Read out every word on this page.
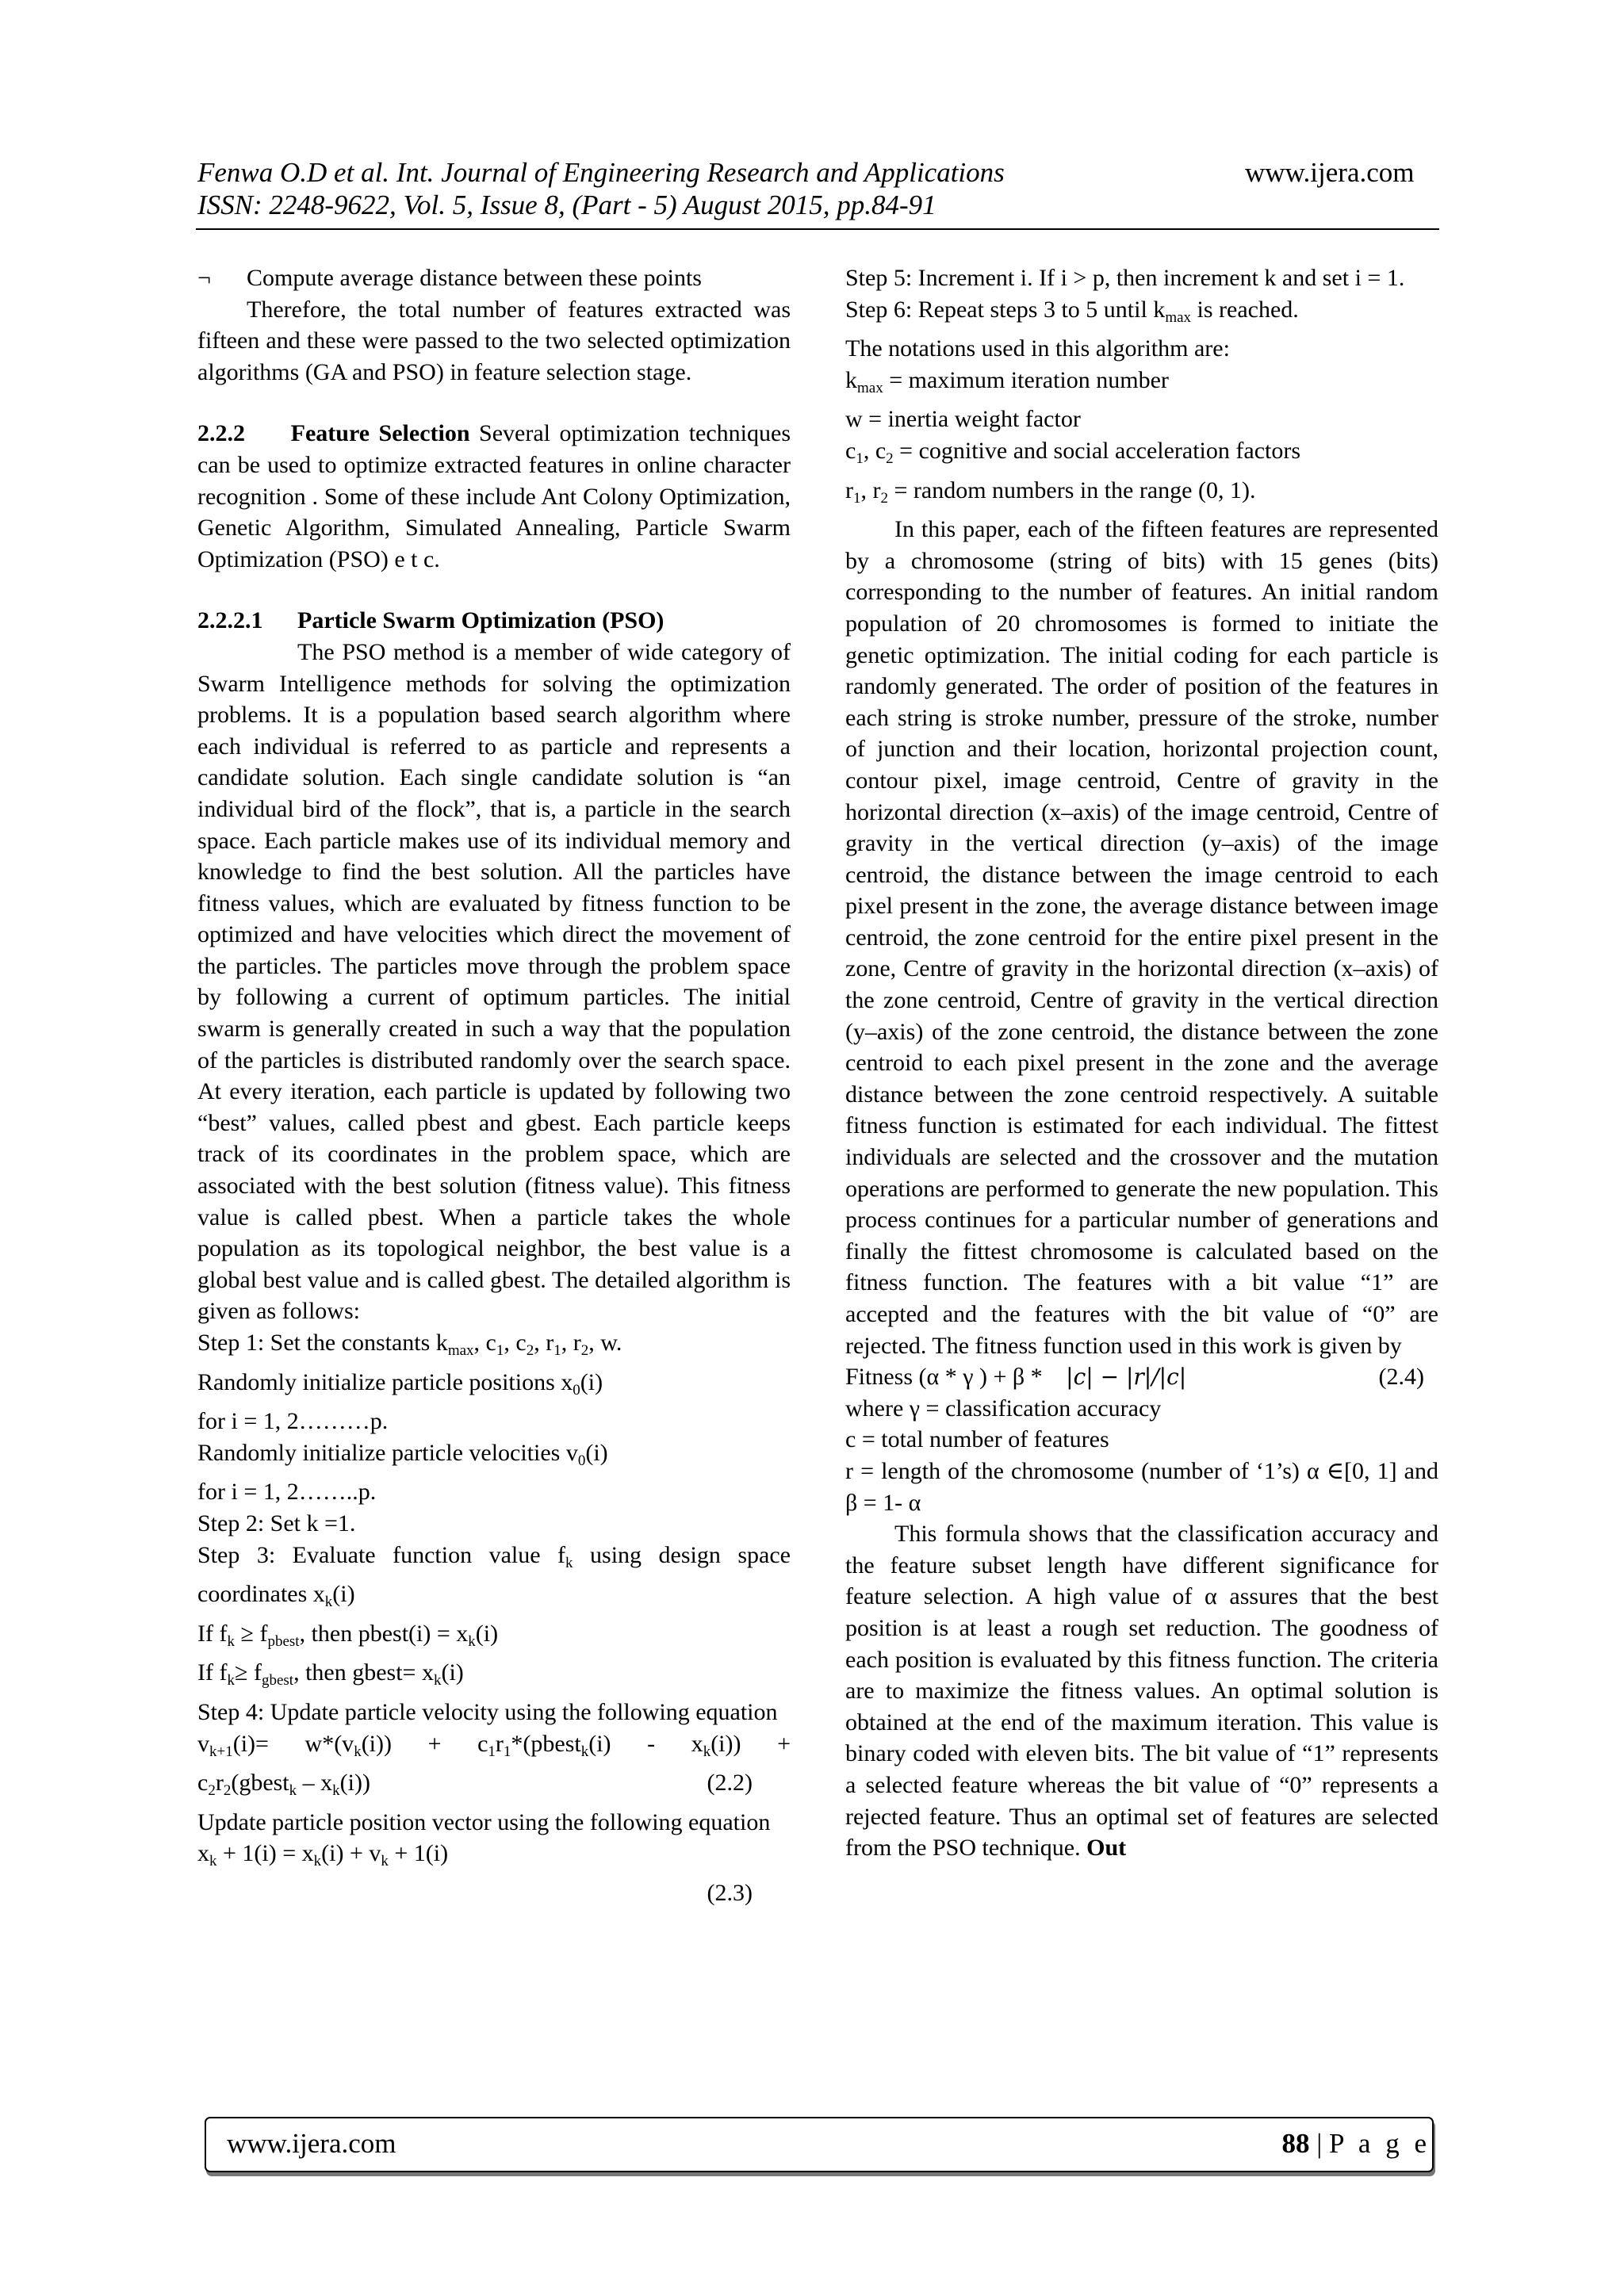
Fenwa O.D et al. Int. Journal of Engineering Research and Applications
ISSN: 2248-9622, Vol. 5, Issue 8, (Part - 5) August 2015, pp.84-91
www.ijera.com
¬ Compute average distance between these points

Therefore, the total number of features extracted was fifteen and these were passed to the two selected optimization algorithms (GA and PSO) in feature selection stage.

2.2.2 Feature Selection Several optimization techniques can be used to optimize extracted features in online character recognition . Some of these include Ant Colony Optimization, Genetic Algorithm, Simulated Annealing, Particle Swarm Optimization (PSO) e t c.

2.2.2.1 Particle Swarm Optimization (PSO)

The PSO method is a member of wide category of Swarm Intelligence methods for solving the optimization problems. It is a population based search algorithm where each individual is referred to as particle and represents a candidate solution. Each single candidate solution is “an individual bird of the flock”, that is, a particle in the search space. Each particle makes use of its individual memory and knowledge to find the best solution. All the particles have fitness values, which are evaluated by fitness function to be optimized and have velocities which direct the movement of the particles. The particles move through the problem space by following a current of optimum particles. The initial swarm is generally created in such a way that the population of the particles is distributed randomly over the search space. At every iteration, each particle is updated by following two “best” values, called pbest and gbest. Each particle keeps track of its coordinates in the problem space, which are associated with the best solution (fitness value). This fitness value is called pbest. When a particle takes the whole population as its topological neighbor, the best value is a global best value and is called gbest. The detailed algorithm is given as follows:

Step 1: Set the constants $k_{max}$, $c_1$, $c_2$, $r_1$, $r_2$, w.
Randomly initialize particle positions $x_0(i)$
for i = 1, 2………p.
Randomly initialize particle velocities $v_0(i)$
for i = 1, 2……..p.
Step 2: Set k =1.
Step 3: Evaluate function value $f_k$ using design space
coordinates $x_k(i)$
If $f_k \ge f_{pbest}$, then pbest(i) = $x_k(i)$
If $f_k\ge f_{gbest}$, then gbest= $x_k(i)$

Step 4: Update particle velocity using the following equation

$v_{k+1}(i)= w*(v_k(i))$ + $c_1r_1*(pbest_k(i) - x_k(i))$ +
$c_2r_2(gbest_k - x_k(i))$	(2.2)

Update particle position vector using the following equation

$x_k + 1(i) = x_k(i) + v_k + 1(i)$
(2.3)

Step 5: Increment i. If i > p, then increment k and set i = 1.

Step 6: Repeat steps 3 to 5 until $k_{max}$ is reached.
The notations used in this algorithm are:
$k_{max}$ = maximum iteration number
w = inertia weight factor
$c_1$, $c_2$ = cognitive and social acceleration factors
$r_1$, $r_2$ = random numbers in the range (0, 1).

In this paper, each of the fifteen features are represented by a chromosome (string of bits) with 15 genes (bits) corresponding to the number of features. An initial random population of 20 chromosomes is formed to initiate the genetic optimization. The initial coding for each particle is randomly generated. The order of position of the features in each string is stroke number, pressure of the stroke, number of junction and their location, horizontal projection count, contour pixel, image centroid, Centre of gravity in the horizontal direction (x–axis) of the image centroid, Centre of gravity in the vertical direction (y–axis) of the image centroid, the distance between the image centroid to each pixel present in the zone, the average distance between image centroid, the zone centroid for the entire pixel present in the zone, Centre of gravity in the horizontal direction (x–axis) of the zone centroid, Centre of gravity in the vertical direction (y–axis) of the zone centroid, the distance between the zone centroid to each pixel present in the zone and the average distance between the zone centroid respectively. A suitable fitness function is estimated for each individual. The fittest individuals are selected and the crossover and the mutation operations are performed to generate the new population. This process continues for a particular number of generations and finally the fittest chromosome is calculated based on the fitness function. The features with a bit value “1” are accepted and the features with the bit value of “0” are rejected. The fitness function used in this work is given by

Fitness (α * γ ) + β * |c| − |r|/|c|	(2.4)
where γ = classification accuracy
c = total number of features

r = length of the chromosome (number of ‘1’s) α ∈[0, 1] and β = 1- α

This formula shows that the classification accuracy and the feature subset length have different significance for feature selection. A high value of α assures that the best position is at least a rough set reduction. The goodness of each position is evaluated by this fitness function. The criteria are to maximize the fitness values. An optimal solution is obtained at the end of the maximum iteration. This value is binary coded with eleven bits. The bit value of “1” represents a selected feature whereas the bit value of “0” represents a rejected feature. Thus an optimal set of features are selected from the PSO technique. Out

www.ijera.com	88 | P a g e
